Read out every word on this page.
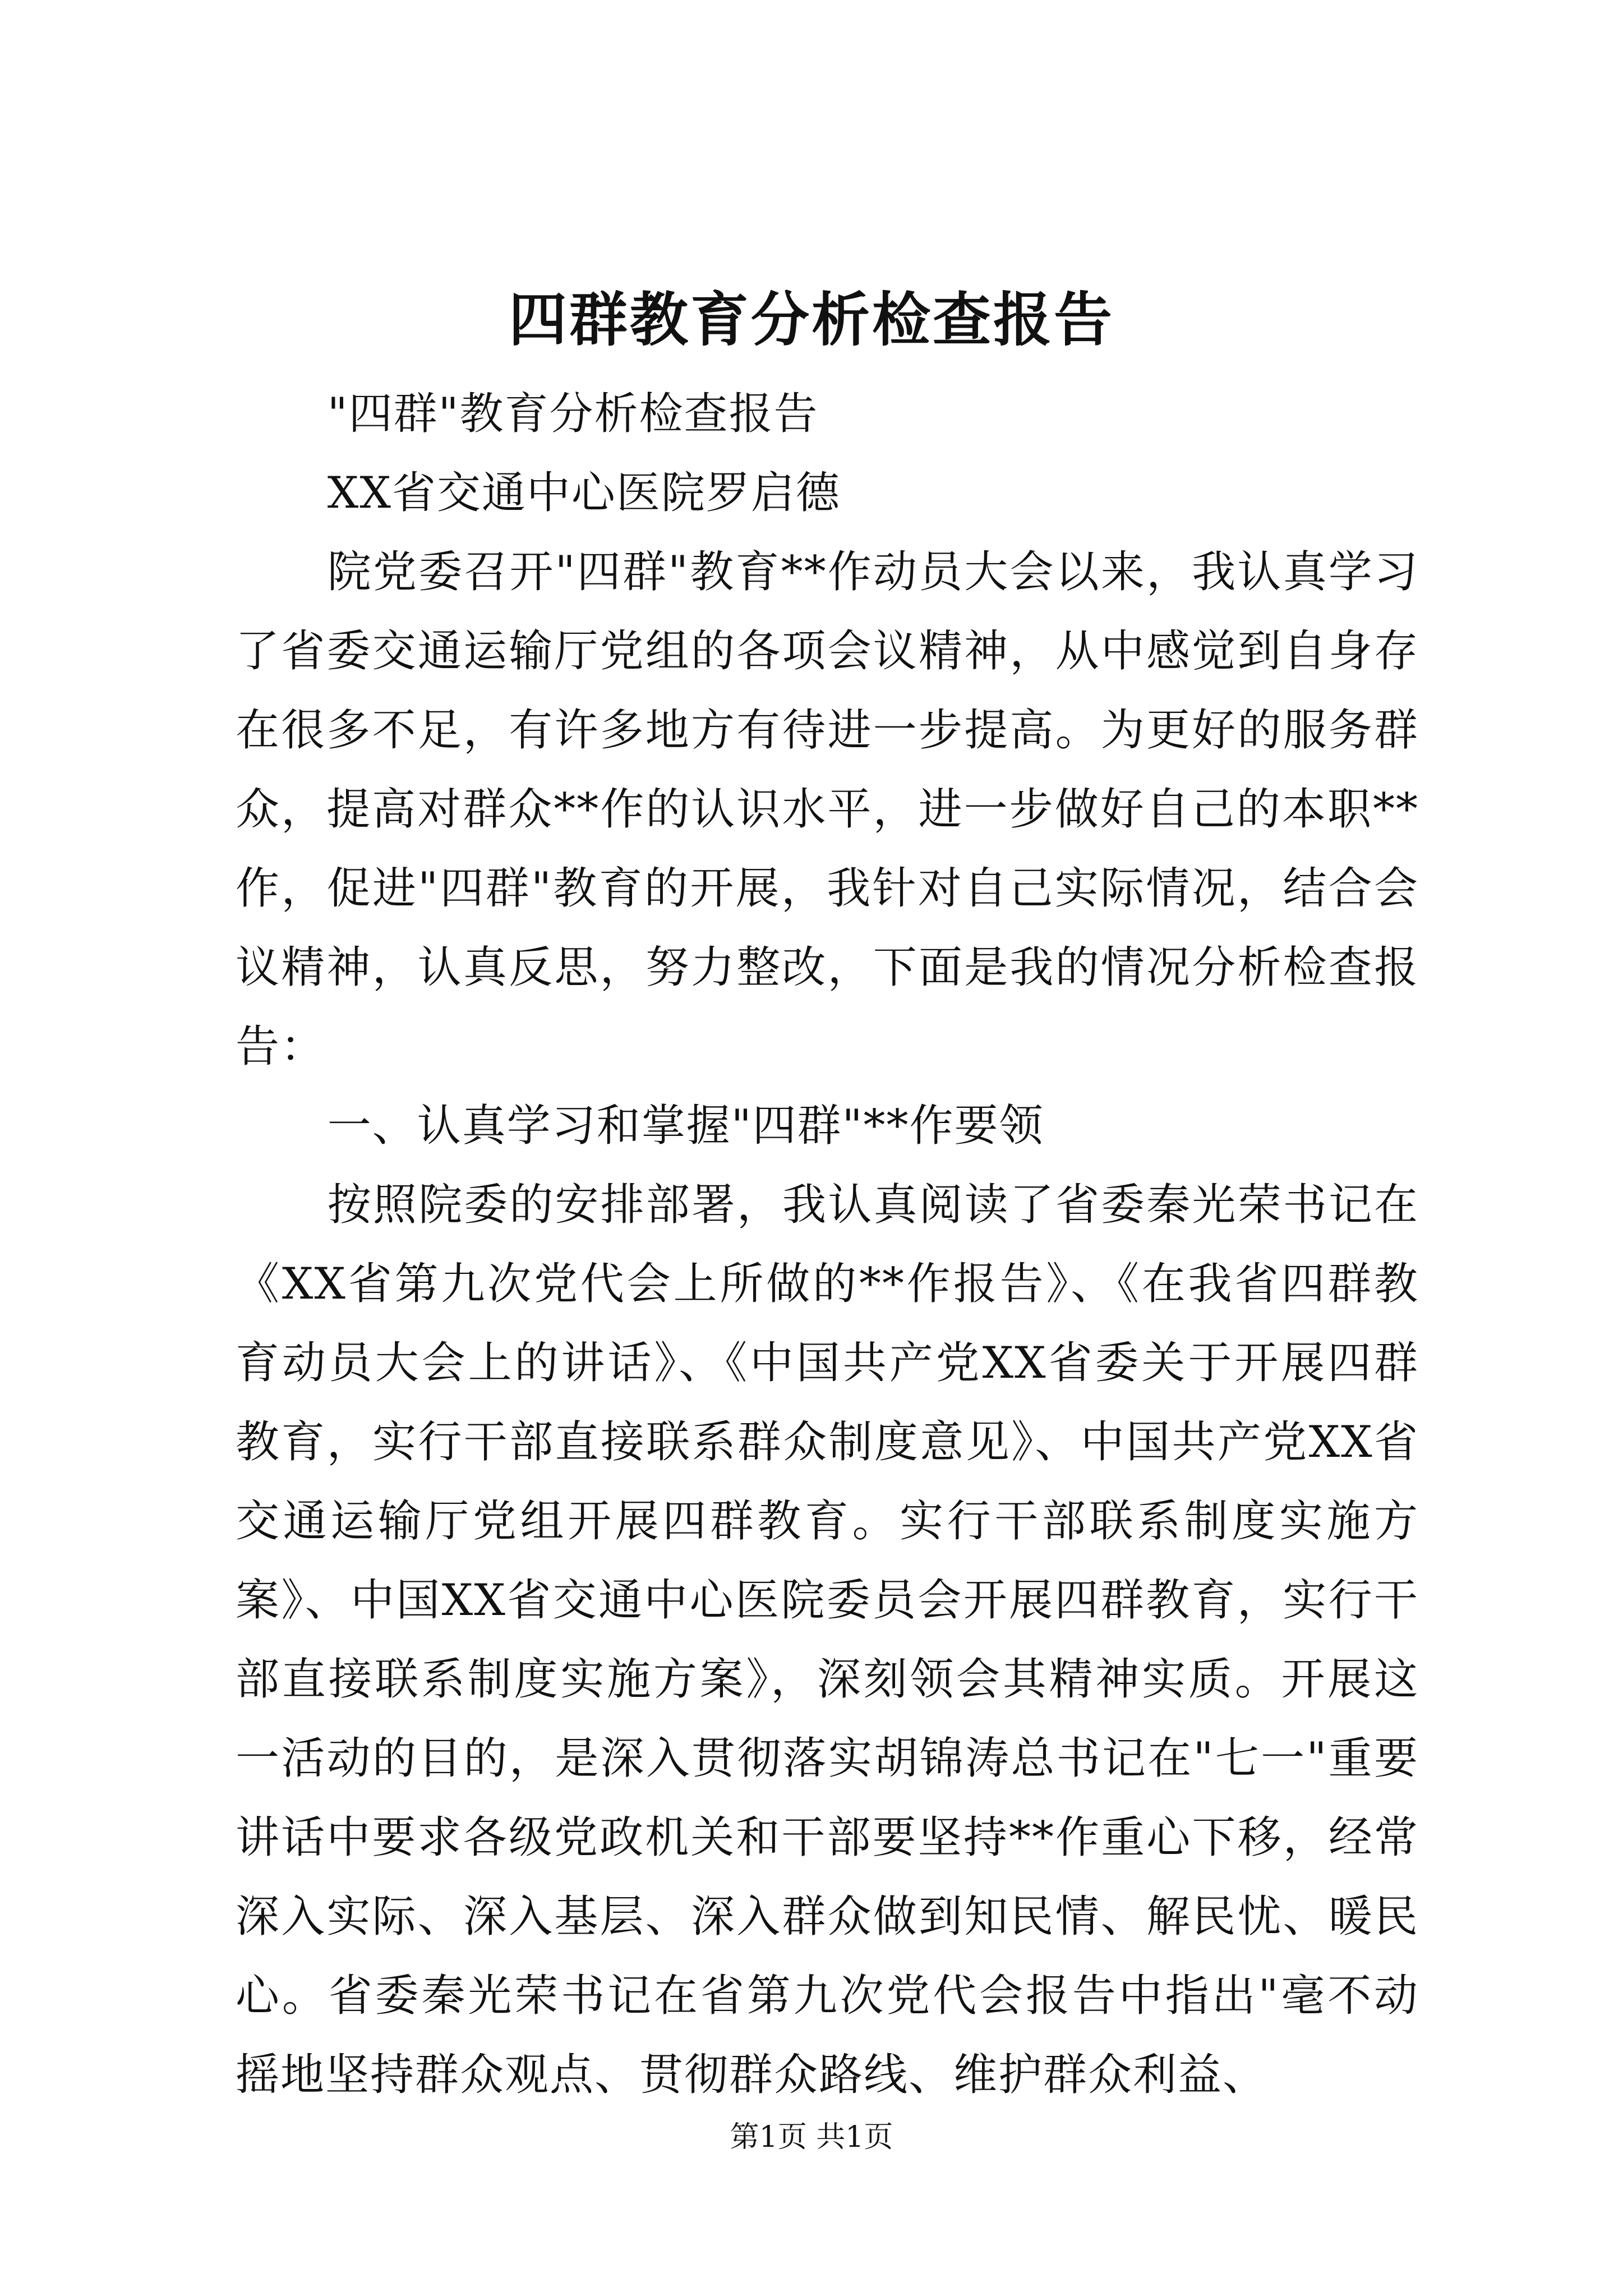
四群教育分析检查报告

"四群"教育分析检查报告

XX省交通中心医院罗启德

院党委召开"四群"教育**作动员大会以来，我认真学习了省委交通运输厅党组的各项会议精神，从中感觉到自身存在很多不足，有许多地方有待进一步提高。为更好的服务群众，提高对群众**作的认识水平，进一步做好自己的本职**作，促进"四群"教育的开展，我针对自己实际情况，结合会议精神，认真反思，努力整改，下面是我的情况分析检查报告：

一、认真学习和掌握"四群"**作要领

按照院委的安排部署，我认真阅读了省委秦光荣书记在《XX省第九次党代会上所做的**作报告》、《在我省四群教育动员大会上的讲话》、《中国共产党XX省委关于开展四群教育，实行干部直接联系群众制度意见》、中国共产党XX省交通运输厅党组开展四群教育。实行干部联系制度实施方案》、中国XX省交通中心医院委员会开展四群教育，实行干部直接联系制度实施方案》，深刻领会其精神实质。开展这一活动的目的，是深入贯彻落实胡锦涛总书记在"七一"重要讲话中要求各级党政机关和干部要坚持**作重心下移，经常深入实际、深入基层、深入群众做到知民情、解民忧、暖民心。省委秦光荣书记在省第九次党代会报告中指出"毫不动摇地坚持群众观点、贯彻群众路线、维护群众利益、

第1页 共1页
